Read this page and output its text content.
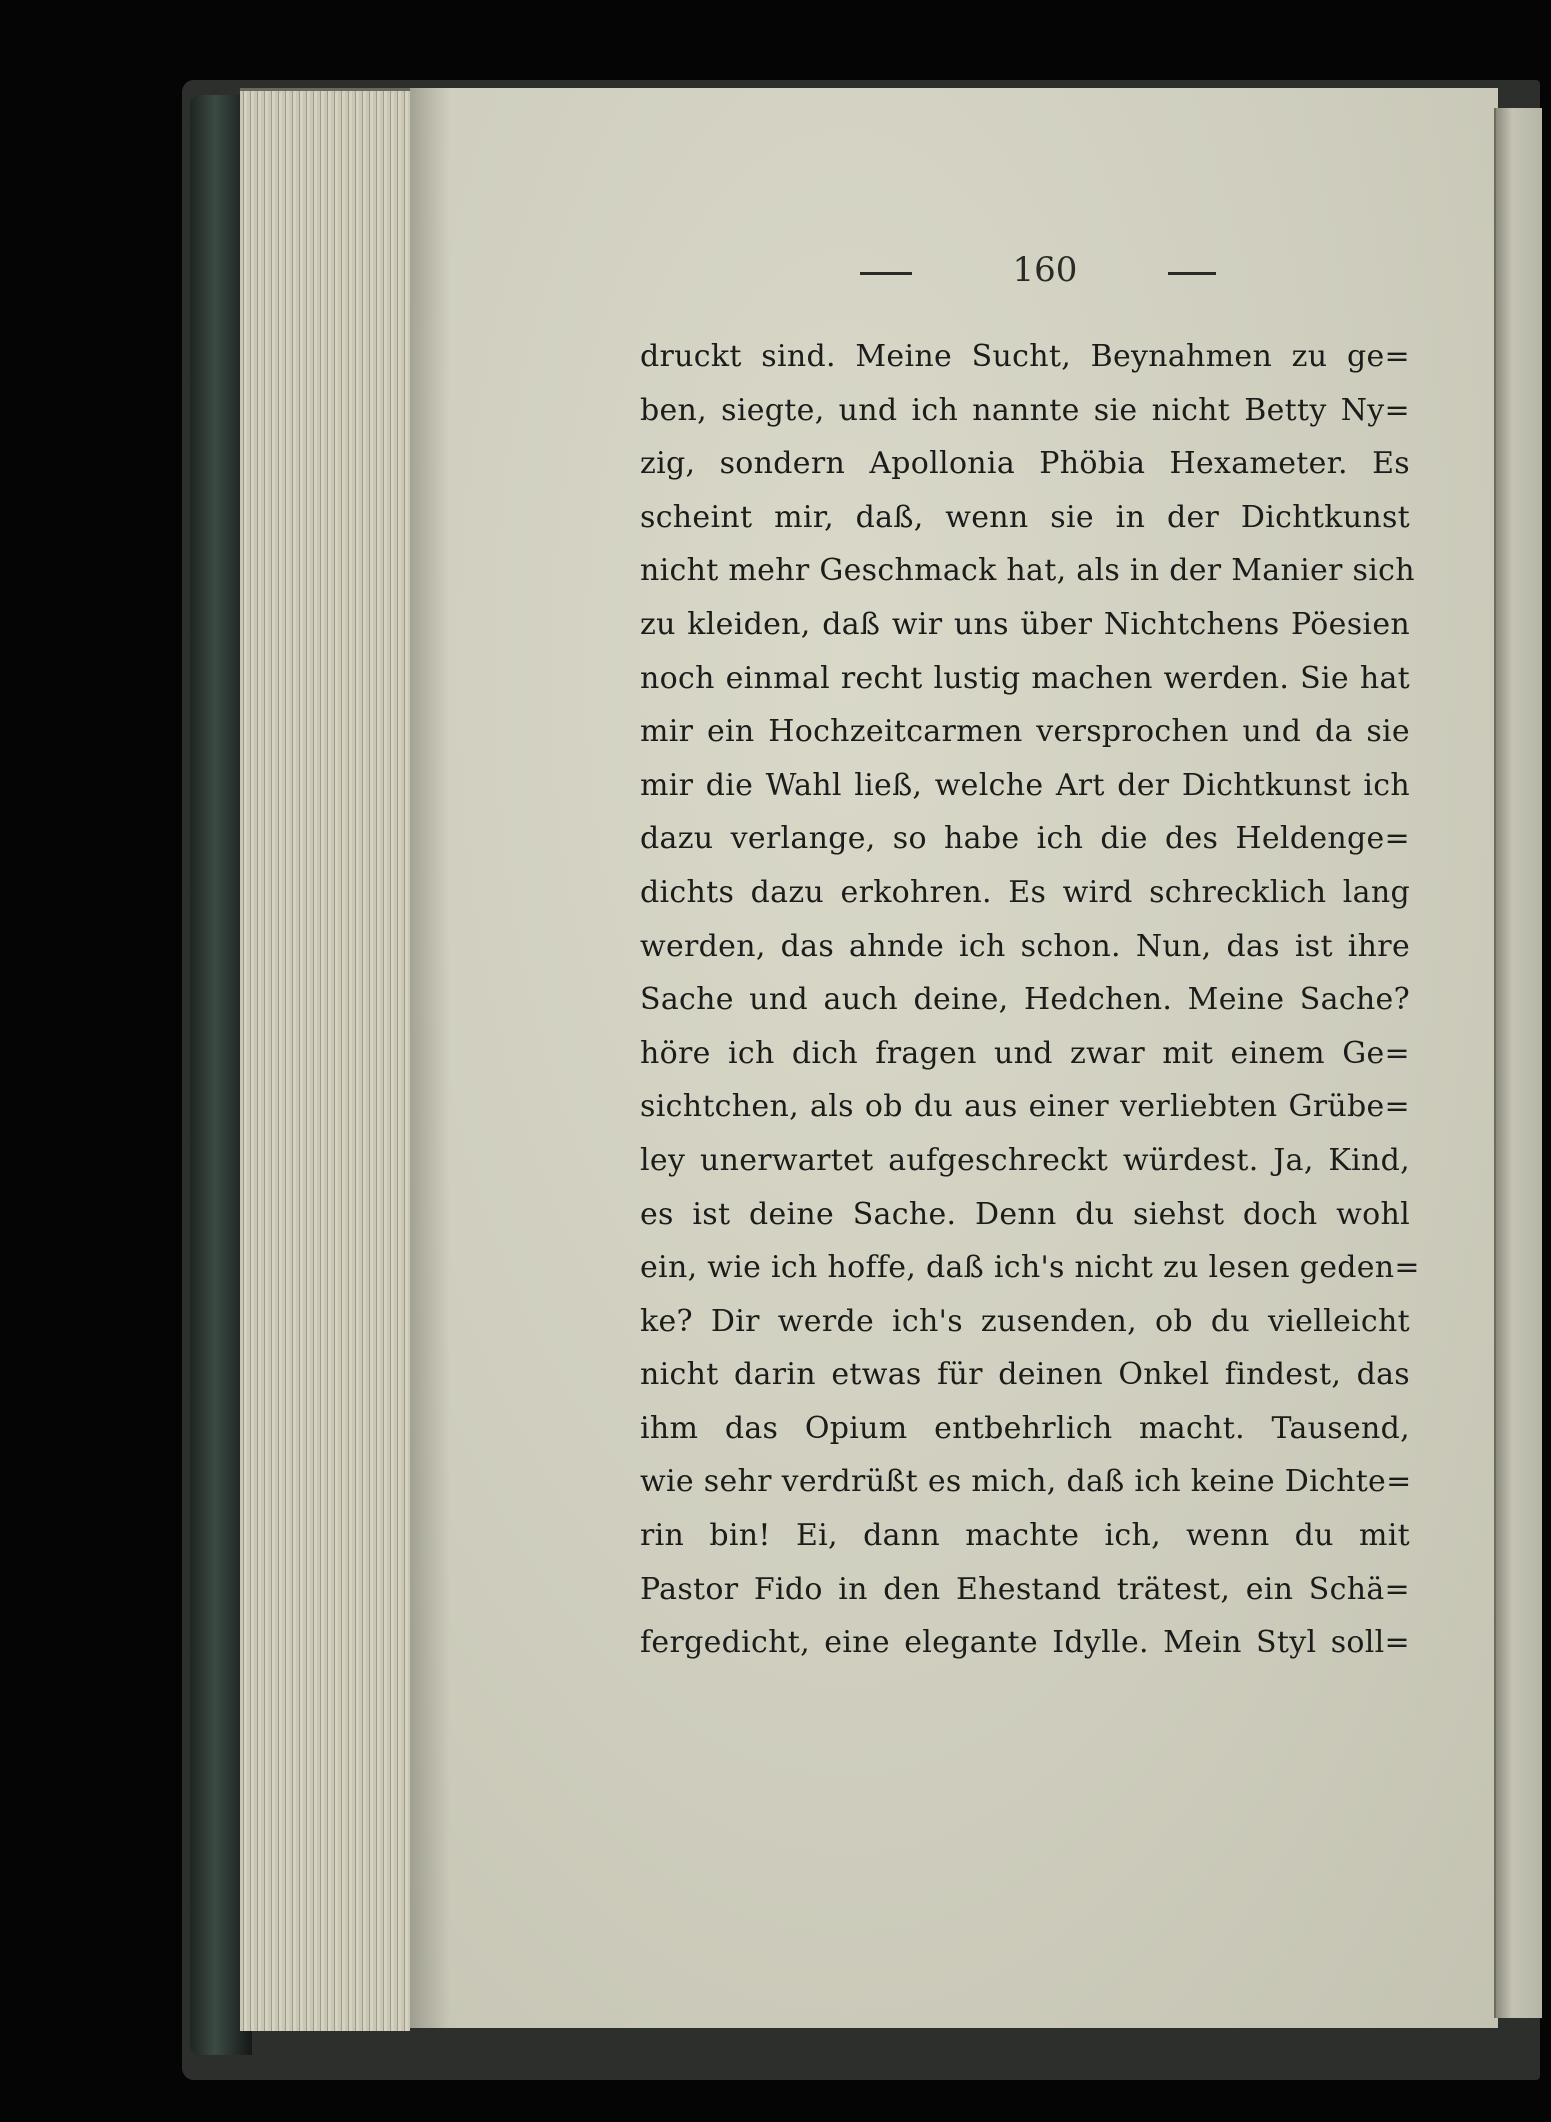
160
druckt sind. Meine Sucht, Beynahmen zu ge=
ben, siegte, und ich nannte sie nicht Betty Ny=
zig, sondern Apollonia Phöbia Hexameter. Es
scheint mir, daß, wenn sie in der Dichtkunst
nicht mehr Geschmack hat, als in der Manier sich
zu kleiden, daß wir uns über Nichtchens Pöesien
noch einmal recht lustig machen werden. Sie hat
mir ein Hochzeitcarmen versprochen und da sie
mir die Wahl ließ, welche Art der Dichtkunst ich
dazu verlange, so habe ich die des Heldenge=
dichts dazu erkohren. Es wird schrecklich lang
werden, das ahnde ich schon. Nun, das ist ihre
Sache und auch deine, Hedchen. Meine Sache?
höre ich dich fragen und zwar mit einem Ge=
sichtchen, als ob du aus einer verliebten Grübe=
ley unerwartet aufgeschreckt würdest. Ja, Kind,
es ist deine Sache. Denn du siehst doch wohl
ein, wie ich hoffe, daß ich's nicht zu lesen geden=
ke? Dir werde ich's zusenden, ob du vielleicht
nicht darin etwas für deinen Onkel findest, das
ihm das Opium entbehrlich macht. Tausend,
wie sehr verdrüßt es mich, daß ich keine Dichte=
rin bin! Ei, dann machte ich, wenn du mit
Pastor Fido in den Ehestand trätest, ein Schä=
fergedicht, eine elegante Idylle. Mein Styl soll=
